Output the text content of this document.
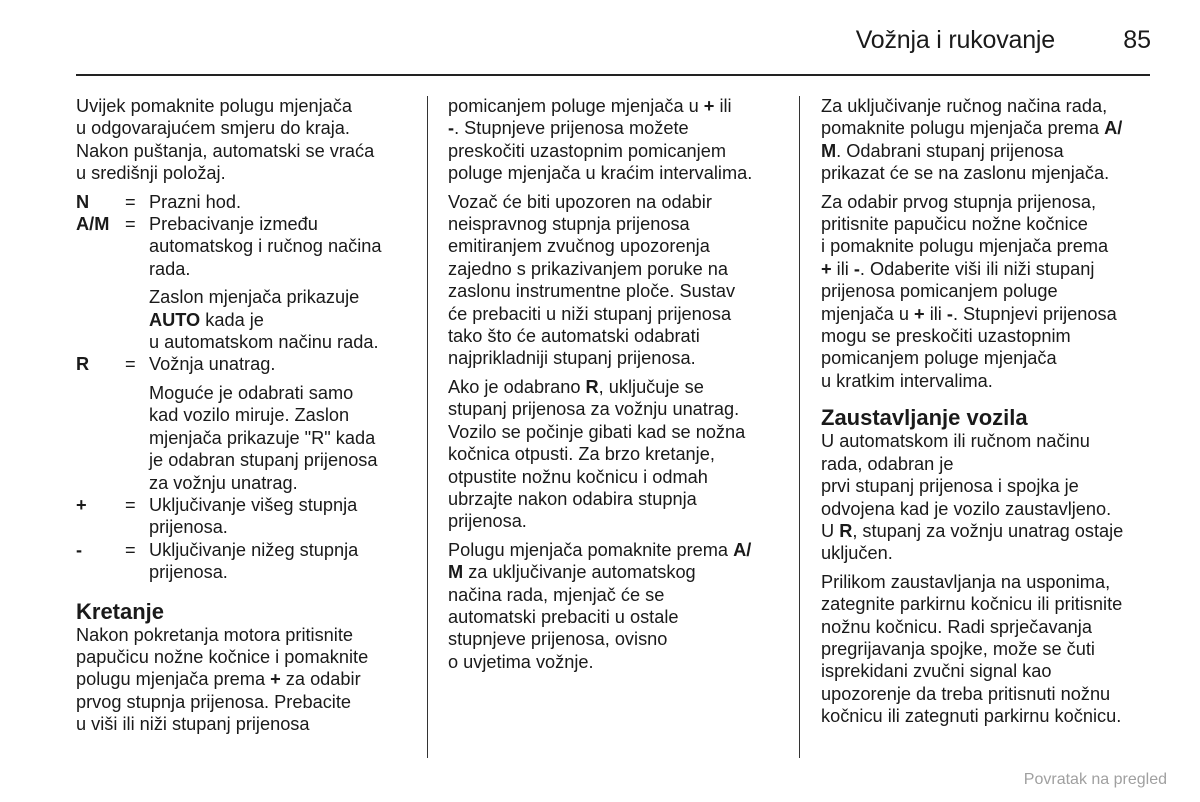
Vožnja i rukovanje	85

Uvijek pomaknite polugu mjenjača
u odgovarajućem smjeru do kraja.
Nakon puštanja, automatski se vraća
u središnji položaj.

N	= Prazni hod.
A/M = Prebacivanje između
automatskog i ručnog načina
rada.
Zaslon mjenjača prikazuje
AUTO kada je
u automatskom načinu rada.
R	= Vožnja unatrag.
Moguće je odabrati samo
kad vozilo miruje. Zaslon
mjenjača prikazuje "R" kada
je odabran stupanj prijenosa
za vožnju unatrag.
+	= Uključivanje višeg stupnja
prijenosa.
-	= Uključivanje nižeg stupnja
prijenosa.
Kretanje

Nakon pokretanja motora pritisnite
papučicu nožne kočnice i pomaknite
polugu mjenjača prema + za odabir
prvog stupnja prijenosa. Prebacite
u viši ili niži stupanj prijenosa

pomicanjem poluge mjenjača u + ili
-. Stupnjeve prijenosa možete
preskočiti uzastopnim pomicanjem
poluge mjenjača u kraćim intervalima.

Vozač će biti upozoren na odabir
neispravnog stupnja prijenosa
emitiranjem zvučnog upozorenja
zajedno s prikazivanjem poruke na
zaslonu instrumentne ploče. Sustav
će prebaciti u niži stupanj prijenosa
tako što će automatski odabrati
najprikladniji stupanj prijenosa.

Ako je odabrano R, uključuje se
stupanj prijenosa za vožnju unatrag.
Vozilo se počinje gibati kad se nožna
kočnica otpusti. Za brzo kretanje,
otpustite nožnu kočnicu i odmah
ubrzajte nakon odabira stupnja
prijenosa.

Polugu mjenjača pomaknite prema A/
M za uključivanje automatskog
načina rada, mjenjač će se
automatski prebaciti u ostale
stupnjeve prijenosa, ovisno
o uvjetima vožnje.

Za uključivanje ručnog načina rada,
pomaknite polugu mjenjača prema A/
M. Odabrani stupanj prijenosa
prikazat će se na zaslonu mjenjača.

Za odabir prvog stupnja prijenosa,
pritisnite papučicu nožne kočnice
i pomaknite polugu mjenjača prema
+ ili -. Odaberite viši ili niži stupanj
prijenosa pomicanjem poluge
mjenjača u + ili -. Stupnjevi prijenosa
mogu se preskočiti uzastopnim
pomicanjem poluge mjenjača
u kratkim intervalima.

Zaustavljanje vozila

U automatskom ili ručnom načinu
rada, odabran je
prvi stupanj prijenosa i spojka je
odvojena kad je vozilo zaustavljeno.
U R, stupanj za vožnju unatrag ostaje
uključen.

Prilikom zaustavljanja na usponima,
zategnite parkirnu kočnicu ili pritisnite
nožnu kočnicu. Radi sprječavanja
pregrijavanja spojke, može se čuti
isprekidani zvučni signal kao
upozorenje da treba pritisnuti nožnu
kočnicu ili zategnuti parkirnu kočnicu.

Povratak na pregled
